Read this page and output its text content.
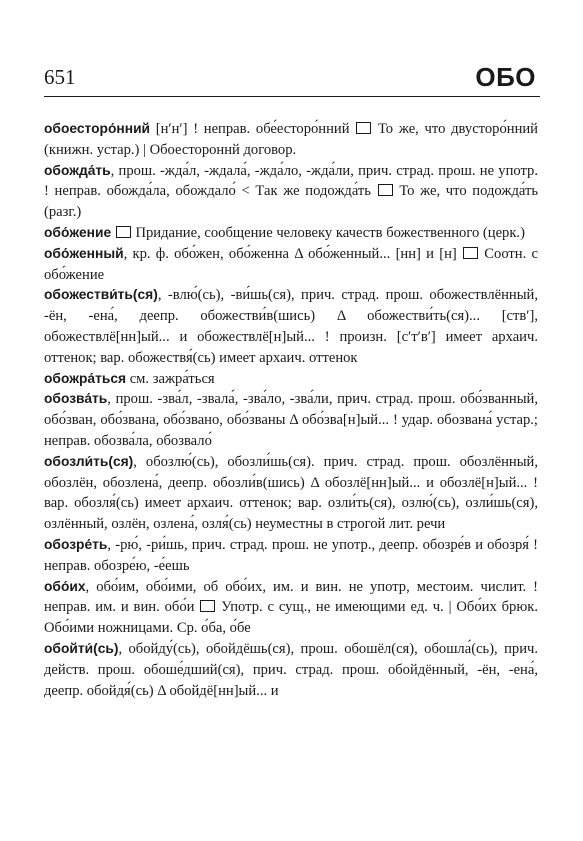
651	ОБО

обоесторо́нний [нʹнʹ] ! неправ. обе́есторо́нний  То же, что двусторо́нний (книжн. устар.) | Обоестороннй договор.

обожда́ть, прош. -жда́л, -ждала́, -жда́ло, -жда́ли, прич. страд. прош. не употр. ! неправ. обожда́ла, обождало́ < Так же подожда́ть  То же, что подожда́ть (разг.)

обо́жение  Придание, сообщение человеку качеств божественного (церк.)

обо́женный, кр. ф. обо́жен, обо́женна Δ обо́женный... [нн] и [н]  Соотн. с обо́жение

обожестви́ть(ся), -влю́(сь), -ви́шь(ся), прич. страд. прош. обожествлённый, -ён, -ена́, деепр. обожестви́в(шись) Δ обожестви́ть(ся)... [ствʹ], обожествлё[нн]ый... и обожествлё[н]ый... ! произн. [сʹтʹвʹ] имеет архаич. оттенок; вар. обожествя́(сь) имеет архаич. оттенок

обожра́ться см. зажра́ться

обозва́ть, прош. -зва́л, -звала́, -зва́ло, -зва́ли, прич. страд. прош. обо́званный, обо́зван, обо́звана, обо́звано, обо́званы Δ обо́зва[н]ый... ! удар. обозвана́ устар.; неправ. обозва́ла, обозвало́

обозли́ть(ся), обозлю́(сь), обозли́шь(ся). прич. страд. прош. обозлённый, обозлён, обозлена́, деепр. обозли́в(шись) Δ обозлё[нн]ый... и обозлё[н]ый... ! вар. обозля́(сь) имеет архаич. оттенок; вар. озли́ть(ся), озлю́(сь), озли́шь(ся), озлённый, озлён, озлена́, озля́(сь) неуместны в строгой лит. речи

обозре́ть, -рю́, -ри́шь, прич. страд. прош. не употр., деепр. обозре́в и обозря́ ! неправ. обозре́ю, -е́ешь

обо́их, обо́им, обо́ими, об обо́их, им. и вин. не употр, местоим. числит. ! неправ. им. и вин. обо́и  Употр. с сущ., не имеющими ед. ч. | Обо́их брюк. Обо́ими ножницами. Ср. о́ба, о́бе

обойти́(сь), обойду́(сь), обойдёшь(ся), прош. обошёл(ся), обошла́(сь), прич. действ. прош. обоше́дший(ся), прич. страд. прош. обойдённый, -ён, -ена́, деепр. обойдя́(сь) Δ обойдё[нн]ый... и
